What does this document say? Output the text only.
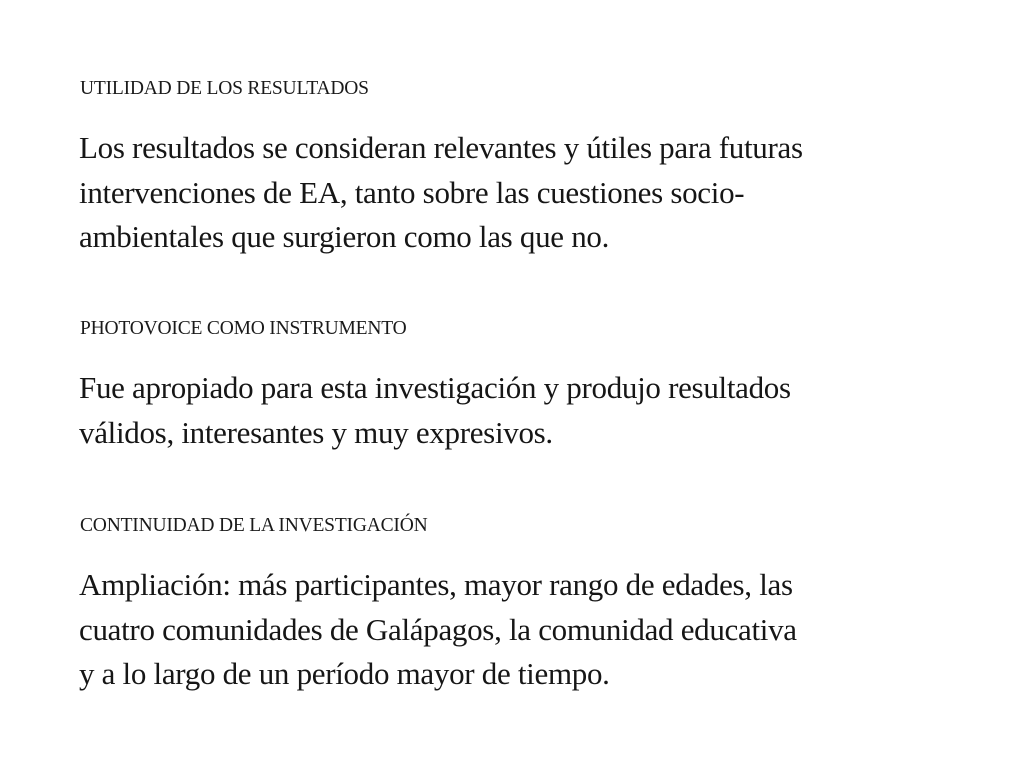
UTILIDAD DE LOS RESULTADOS
Los resultados se consideran relevantes y útiles para futuras
intervenciones de EA, tanto sobre las cuestiones socio-
ambientales que surgieron como las que no.
PHOTOVOICE COMO INSTRUMENTO
Fue apropiado para esta investigación y produjo resultados
válidos, interesantes y muy expresivos.
CONTINUIDAD DE LA INVESTIGACIÓN
Ampliación: más participantes, mayor rango de edades, las
cuatro comunidades de Galápagos, la comunidad educativa
y a lo largo de un período mayor de tiempo.
